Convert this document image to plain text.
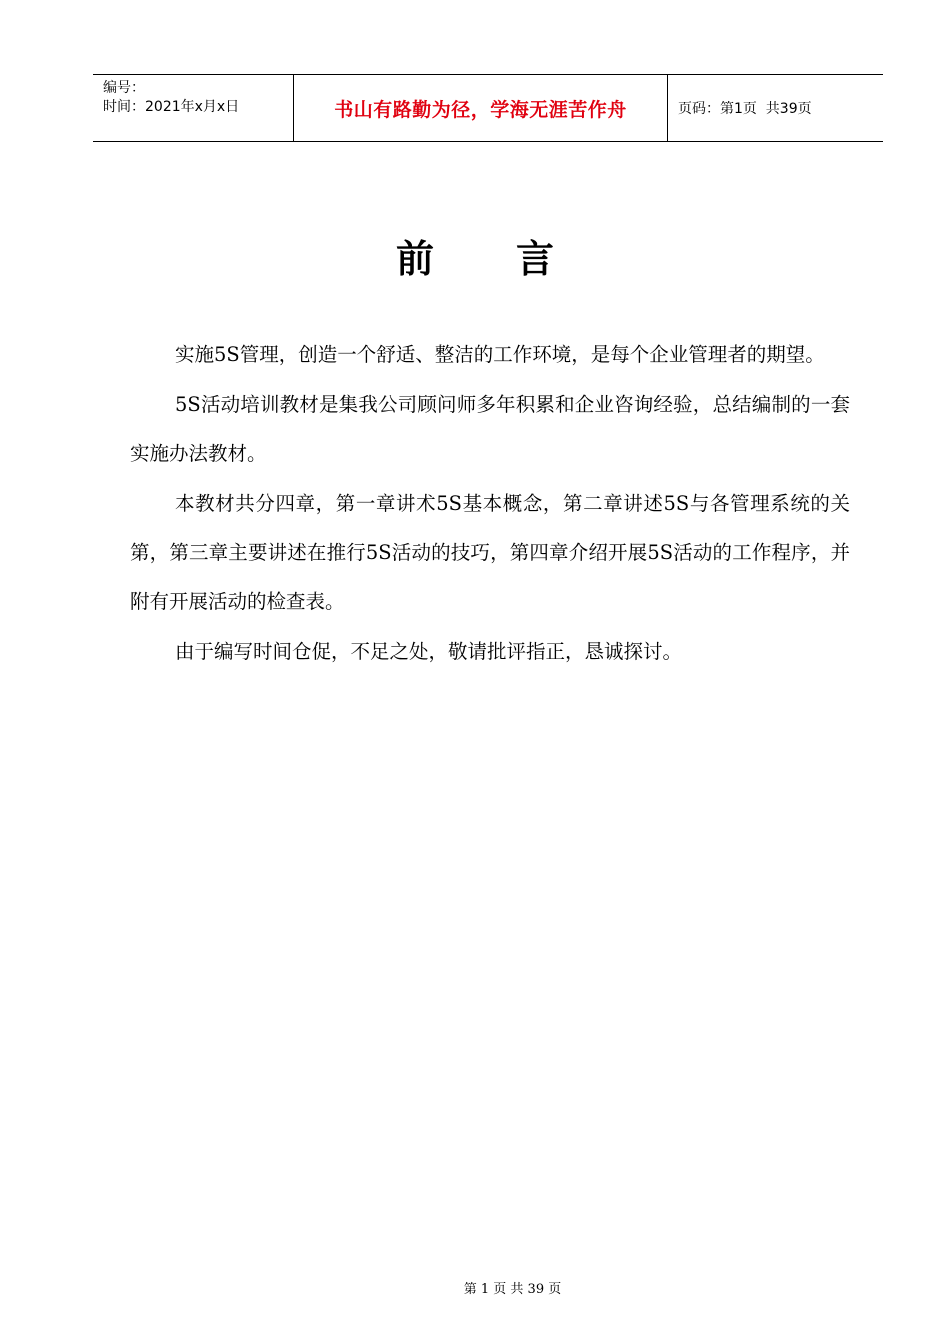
编号：
时间：2021年x月x日	书山有路勤为径，学海无涯苦作舟	页码：第1页  共39页
前言

实施5S管理，创造一个舒适、整洁的工作环境，是每个企业管理者的期望。

5S活动培训教材是集我公司顾问师多年积累和企业咨询经验，总结编制的一套实施办法教材。

本教材共分四章，第一章讲术5S基本概念，第二章讲述5S与各管理系统的关第，第三章主要讲述在推行5S活动的技巧，第四章介绍开展5S活动的工作程序，并附有开展活动的检查表。

由于编写时间仓促，不足之处，敬请批评指正，恳诚探讨。

第 1 页 共 39 页
